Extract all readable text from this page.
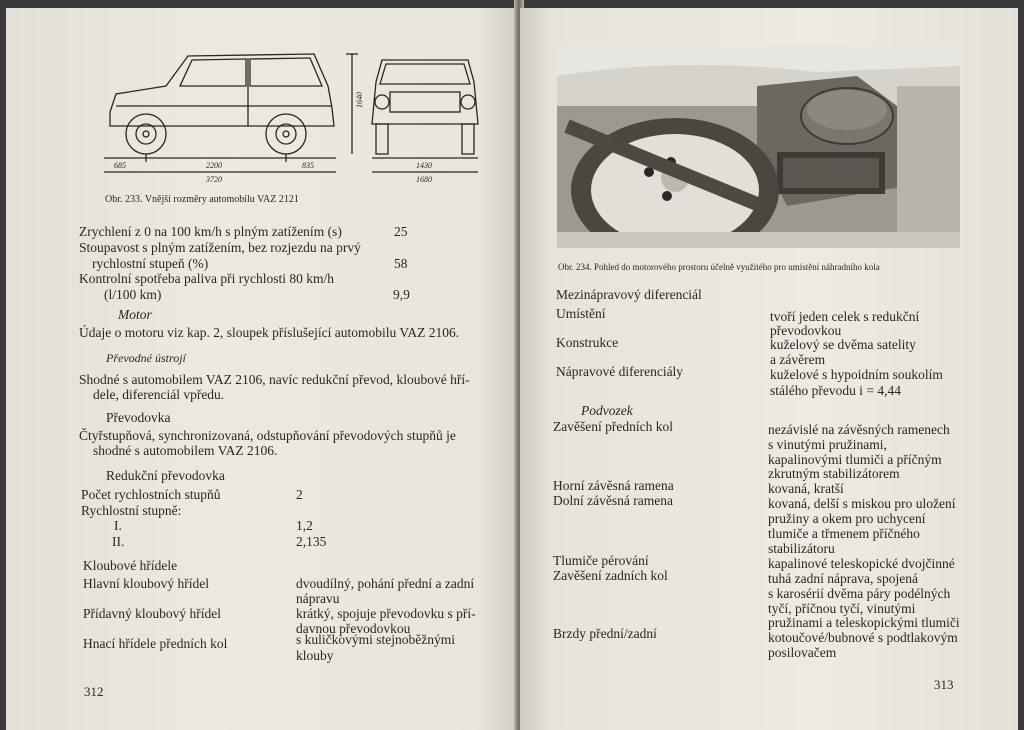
685	2200	835
3720
1640
1430
1680
Obr. 233. Vnější rozměry automobilu VAZ 2121
Zrychlení z 0 na 100 km/h s plným zatížením (s)	25
Stoupavost s plným zatížením, bez rozjezdu na prvý
rychlostní stupeň (%)	58
Kontrolní spotřeba paliva při rychlosti 80 km/h
(l/100 km)	9,9
Motor
Údaje o motoru viz kap. 2, sloupek příslušející automobilu VAZ 2106.
Převodné ústrojí
Shodné s automobilem VAZ 2106, navíc redukční převod, kloubové hří-
dele, diferenciál vpředu.
Převodovka
Čtyřstupňová, synchronizovaná, odstupňování převodových stupňů je
shodné s automobilem VAZ 2106.
Redukční převodovka
Počet rychlostních stupňů	2
Rychlostní stupně:
I.	1,2
II.	2,135
Kloubové hřídele
Hlavní kloubový hřídel	dvoudílný, pohání přední a zadní
nápravu
Přídavný kloubový hřídel	krátký, spojuje převodovku s pří-
davnou převodovkou
Hnací hřídele předních kol	s kuličkovými stejnoběžnými
klouby
312
Obr. 234. Pohled do motorového prostoru účelně využitého pro umístění náhradního kola
Mezinápravový diferenciál
Umístění	tvoří jeden celek s redukční
převodovkou
Konstrukce	kuželový se dvěma satelity
a závěrem
Nápravové diferenciály	kuželové s hypoidním soukolím
stálého převodu i = 4,44
Podvozek
Zavěšení předních kol	nezávislé na závěsných ramenech
s vinutými pružinami,
kapalinovými tlumiči a příčným
zkrutným stabilizátorem
Horní závěsná ramena	kovaná, kratší
Dolní závěsná ramena	kovaná, delší s miskou pro uložení
pružiny a okem pro uchycení
tlumiče a třmenem příčného
stabilizátoru
Tlumiče pérování	kapalinové teleskopické dvojčinné
Zavěšení zadních kol	tuhá zadní náprava, spojená
s karosérií dvěma páry podélných
tyčí, příčnou tyčí, vinutými
pružinami a teleskopickými tlumiči
Brzdy přední/zadní	kotoučové/bubnové s podtlakovým
posilovačem
313
